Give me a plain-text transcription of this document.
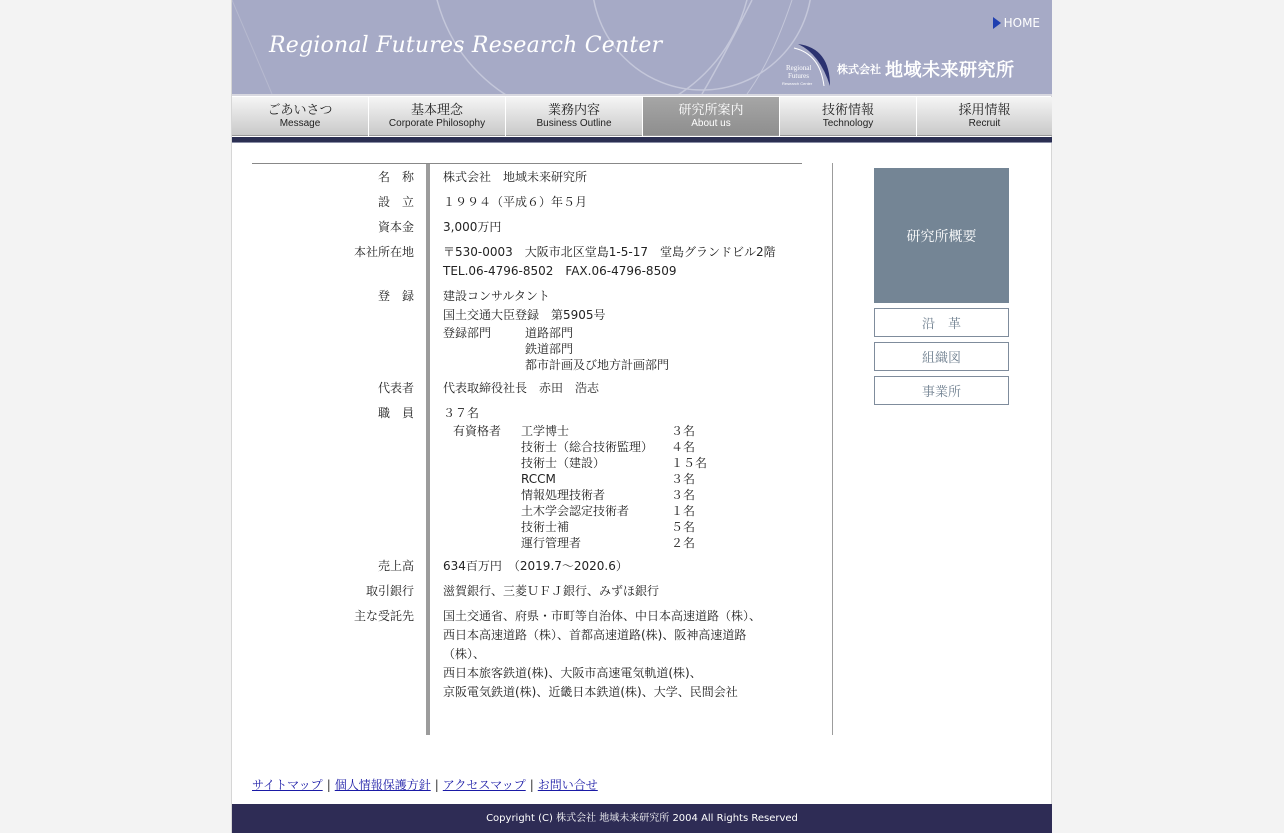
Regional Futures Research Center
HOME
Regional
Futures
Research Center
株式会社 地域未来研究所
ごあいさつ
Message
基本理念
Corporate Philosophy
業務内容
Business Outline
研究所案内
About us
技術情報
Technology
採用情報
Recruit
名　称 株式会社　地域未来研究所
設　立 １９９４（平成６）年５月
資本金 3,000万円
本社所在地 〒530-0003　大阪市北区堂島1-5-17　堂島グランドビル2階
TEL.06-4796-8502　FAX.06-4796-8509
登　録 建設コンサルタント
国土交通大臣登録　第5905号
登録部門	道路部門
鉄道部門
都市計画及び地方計画部門
代表者 代表取締役社長　赤田　浩志
職　員 ３７名
有資格者	工学博士	３名
技術士（総合技術監理）	４名
技術士（建設）	１５名
RCCM	３名
情報処理技術者	３名
土木学会認定技術者	１名
技術士補	５名
運行管理者	２名
売上高 634百万円　（2019.7～2020.6）
取引銀行 滋賀銀行、三菱ＵＦＪ銀行、みずほ銀行
主な受託先 国土交通省、府県・市町等自治体、中日本高速道路（株）、
西日本高速道路（株）、首都高速道路(株)、阪神高速道路
（株）、
西日本旅客鉄道(株)、大阪市高速電気軌道(株)、
京阪電気鉄道(株)、近畿日本鉄道(株)、大学、民間会社
研究所概要
沿　革
組織図
事業所
サイトマップ | 個人情報保護方針 | アクセスマップ | お問い合せ
Copyright (C) 株式会社 地域未来研究所 2004 All Rights Reserved
